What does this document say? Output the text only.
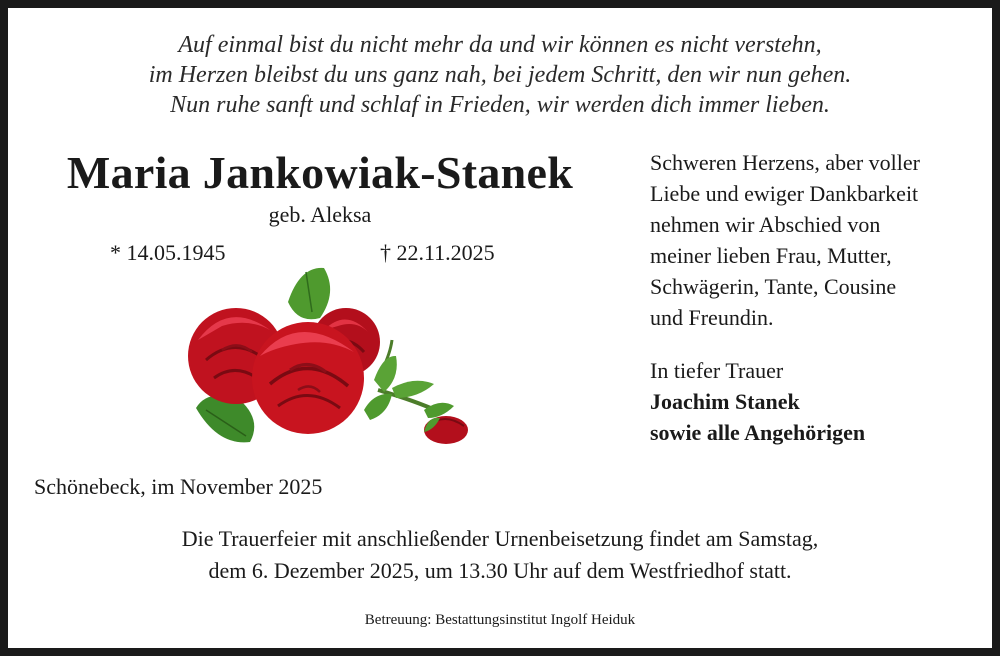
Auf einmal bist du nicht mehr da und wir können es nicht verstehn,
im Herzen bleibst du uns ganz nah, bei jedem Schritt, den wir nun gehen.
Nun ruhe sanft und schlaf in Frieden, wir werden dich immer lieben.
Maria Jankowiak-Stanek
geb. Aleksa
* 14.05.1945	† 22.11.2025
Schönebeck, im November 2025
Schweren Herzens, aber voller
Liebe und ewiger Dankbarkeit
nehmen wir Abschied von
meiner lieben Frau, Mutter,
Schwägerin, Tante, Cousine
und Freundin.
In tiefer Trauer
Joachim Stanek
sowie alle Angehörigen
Die Trauerfeier mit anschließender Urnenbeisetzung findet am Samstag,
dem 6. Dezember 2025, um 13.30 Uhr auf dem Westfriedhof statt.
Betreuung: Bestattungsinstitut Ingolf Heiduk
